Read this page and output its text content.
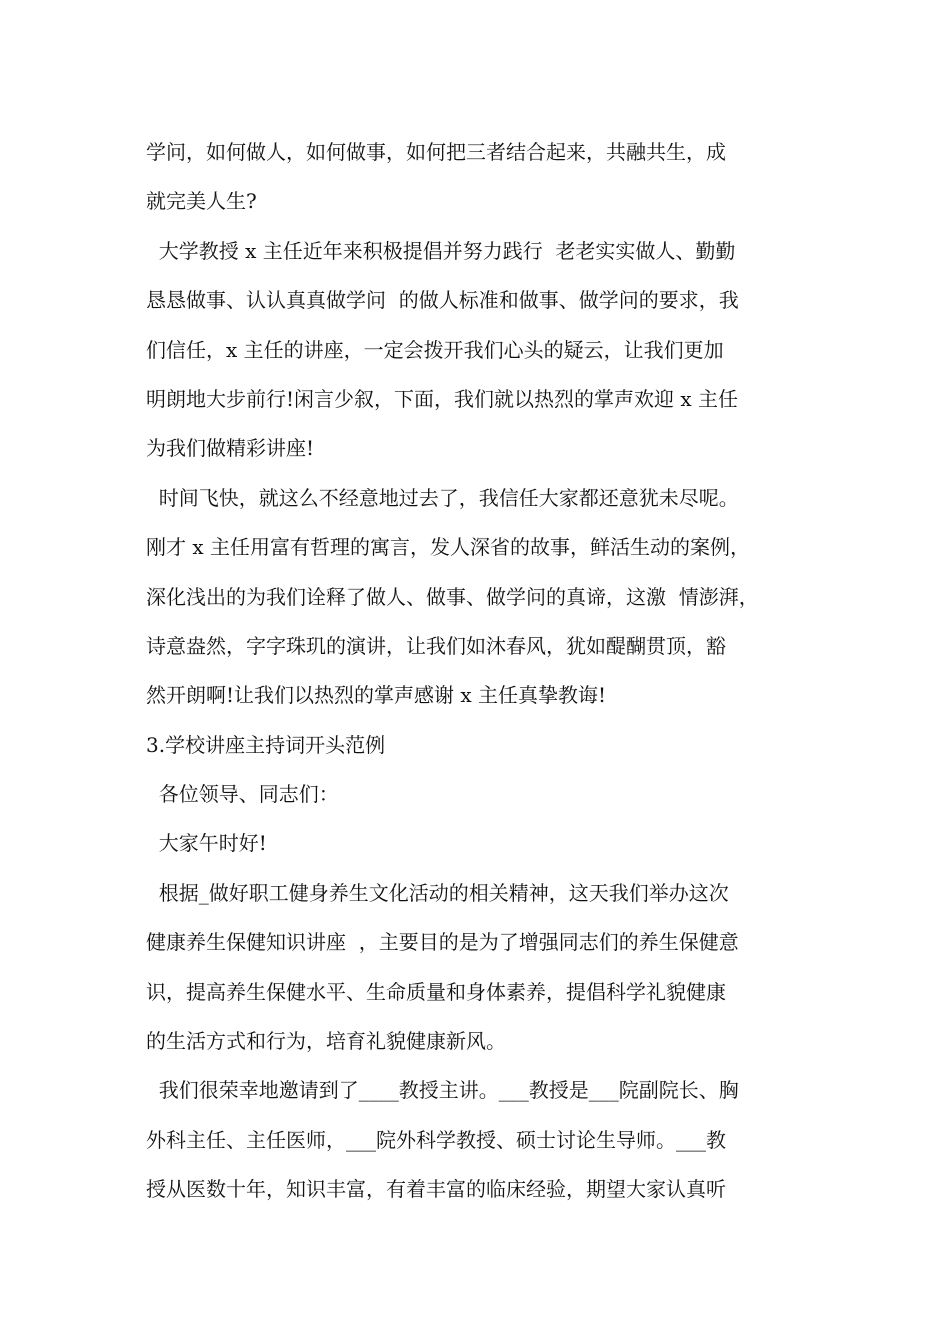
学问，如何做人，如何做事，如何把三者结合起来，共融共生，成
就完美人生?
大学教授 x 主任近年来积极提倡并努力践行  老老实实做人、勤勤
恳恳做事、认认真真做学问  的做人标准和做事、做学问的要求，我
们信任，x 主任的讲座，一定会拨开我们心头的疑云，让我们更加
明朗地大步前行!闲言少叙，下面，我们就以热烈的掌声欢迎 x 主任
为我们做精彩讲座!
时间飞快，就这么不经意地过去了，我信任大家都还意犹未尽呢。
刚才 x 主任用富有哲理的寓言，发人深省的故事，鲜活生动的案例，
深化浅出的为我们诠释了做人、做事、做学问的真谛，这激  情澎湃，
诗意盎然，字字珠玑的演讲，让我们如沐春风，犹如醍醐贯顶，豁
然开朗啊!让我们以热烈的掌声感谢 x 主任真挚教诲!
3.学校讲座主持词开头范例
各位领导、同志们：
大家午时好!
根据_做好职工健身养生文化活动的相关精神，这天我们举办这次
健康养生保健知识讲座  ，主要目的是为了增强同志们的养生保健意
识，提高养生保健水平、生命质量和身体素养，提倡科学礼貌健康
的生活方式和行为，培育礼貌健康新风。
我们很荣幸地邀请到了____教授主讲。___教授是___院副院长、胸
外科主任、主任医师，___院外科学教授、硕士讨论生导师。___教
授从医数十年，知识丰富，有着丰富的临床经验，期望大家认真听
